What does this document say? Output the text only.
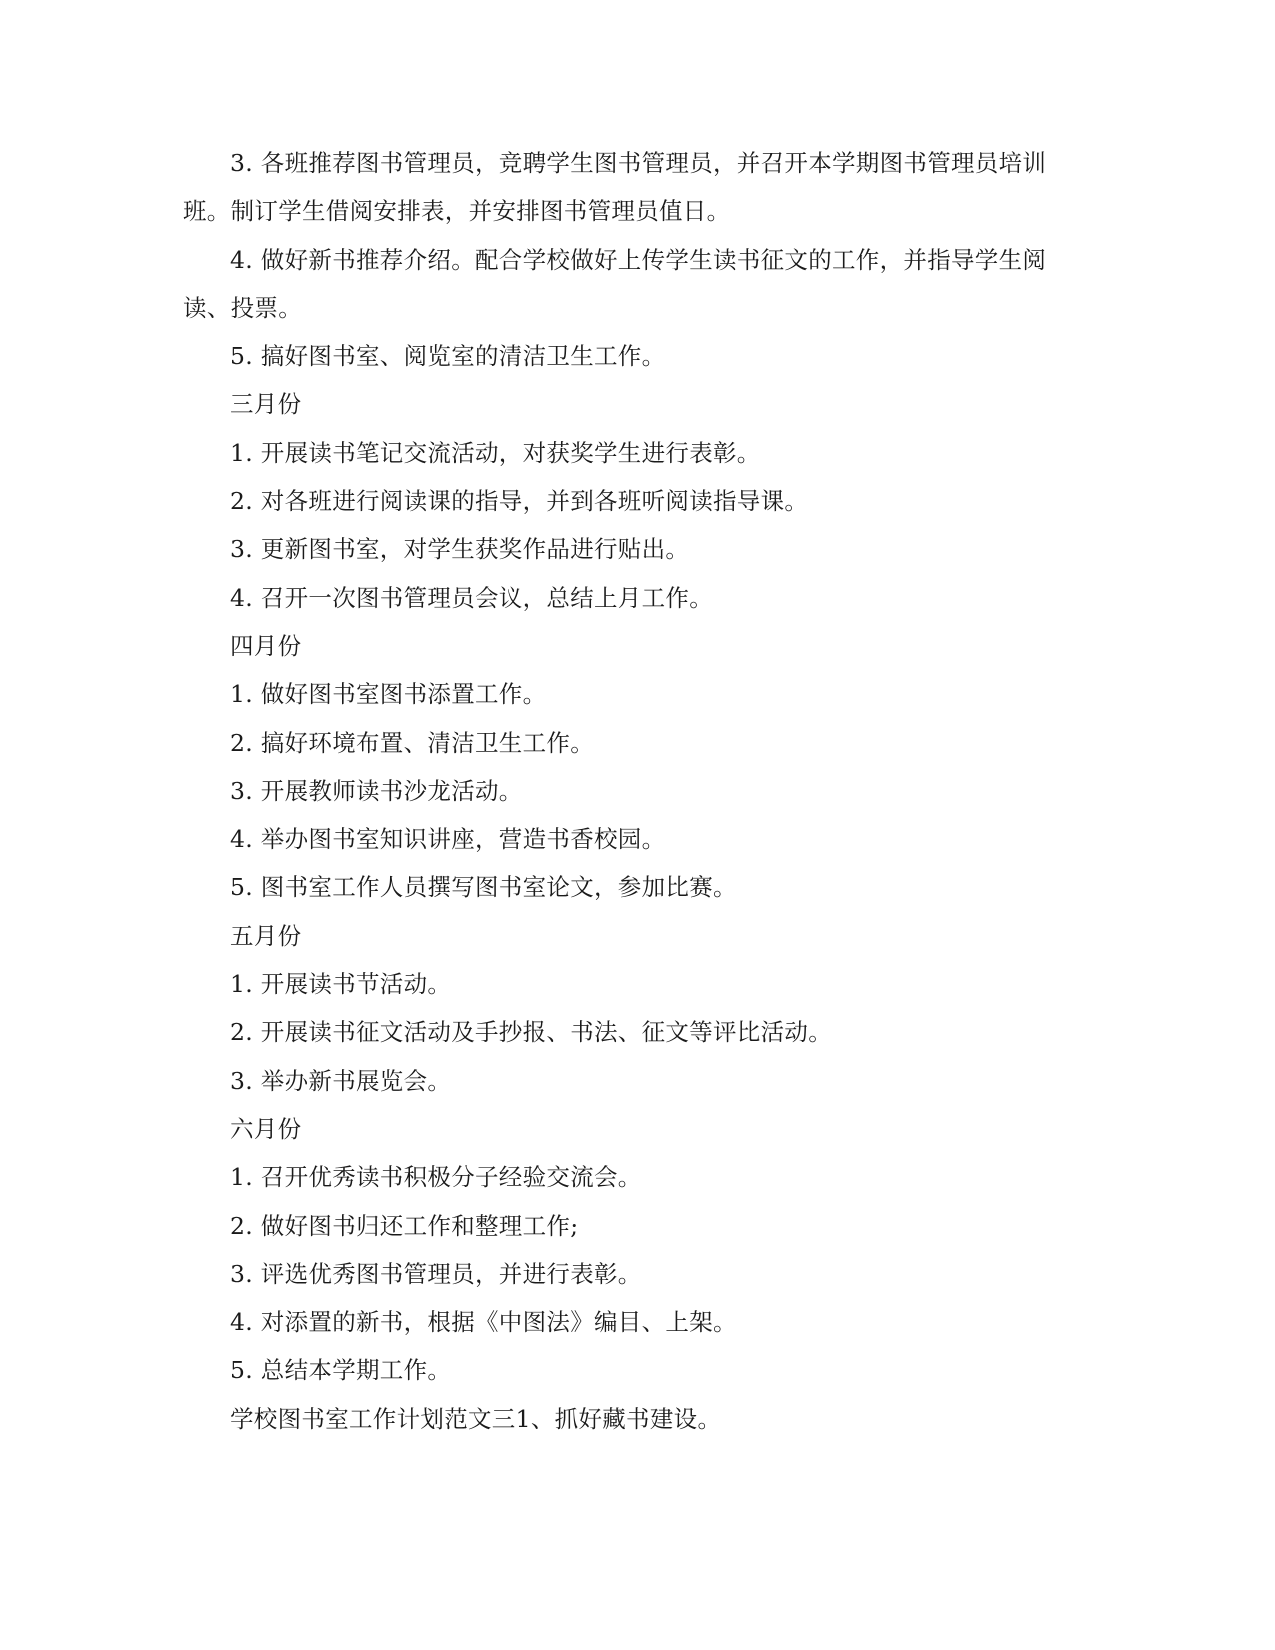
3. 各班推荐图书管理员，竞聘学生图书管理员，并召开本学期图书管理员培训班。制订学生借阅安排表，并安排图书管理员值日。

4. 做好新书推荐介绍。配合学校做好上传学生读书征文的工作，并指导学生阅读、投票。

5. 搞好图书室、阅览室的清洁卫生工作。

三月份

1. 开展读书笔记交流活动，对获奖学生进行表彰。

2. 对各班进行阅读课的指导，并到各班听阅读指导课。

3. 更新图书室，对学生获奖作品进行贴出。

4. 召开一次图书管理员会议，总结上月工作。

四月份

1. 做好图书室图书添置工作。

2. 搞好环境布置、清洁卫生工作。

3. 开展教师读书沙龙活动。

4. 举办图书室知识讲座，营造书香校园。

5. 图书室工作人员撰写图书室论文，参加比赛。

五月份

1. 开展读书节活动。

2. 开展读书征文活动及手抄报、书法、征文等评比活动。

3. 举办新书展览会。

六月份

1. 召开优秀读书积极分子经验交流会。

2. 做好图书归还工作和整理工作;

3. 评选优秀图书管理员，并进行表彰。

4. 对添置的新书，根据《中图法》编目、上架。

5. 总结本学期工作。

学校图书室工作计划范文三1、抓好藏书建设。
